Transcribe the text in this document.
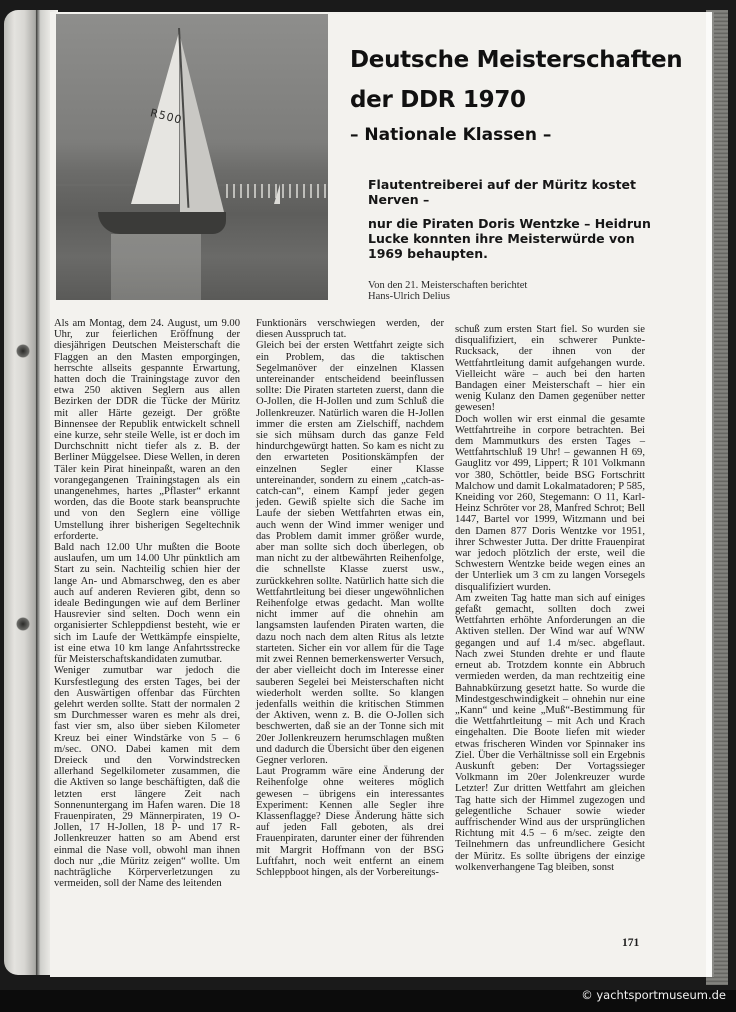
R500
Deutsche Meisterschaften
der DDR 1970
– Nationale Klassen –

Flautentreiberei auf der Müritz kostet Nerven –

nur die Piraten Doris Wentzke – Heidrun Lucke konnten ihre Meisterwürde von 1969 behaupten.

Von den 21. Meisterschaften berichtet
Hans-Ulrich Delius

Als am Montag, dem 24. August, um 9.00 Uhr, zur feierlichen Eröffnung der diesjährigen Deutschen Meisterschaft die Flaggen an den Masten emporgingen, herrschte allseits gespannte Erwartung, hatten doch die Trainingstage zuvor den etwa 250 aktiven Seglern aus allen Bezirken der DDR die Tücke der Müritz mit aller Härte gezeigt. Der größte Binnensee der Republik entwickelt schnell eine kurze, sehr steile Welle, ist er doch im Durchschnitt nicht tiefer als z. B. der Berliner Müggelsee. Diese Wellen, in deren Täler kein Pirat hineinpaßt, waren an den vorangegangenen Trainingstagen als ein unangenehmes, hartes „Pflaster“ erkannt worden, das die Boote stark beanspruchte und von den Seglern eine völlige Umstellung ihrer bisherigen Segeltechnik erforderte.

Bald nach 12.00 Uhr mußten die Boote auslaufen, um um 14.00 Uhr pünktlich am Start zu sein. Nachteilig schien hier der lange An- und Abmarschweg, den es aber auch auf anderen Revieren gibt, denn so ideale Bedingungen wie auf dem Berliner Hausrevier sind selten. Doch wenn ein organisierter Schleppdienst besteht, wie er sich im Laufe der Wettkämpfe einspielte, ist eine etwa 10 km lange Anfahrtsstrecke für Meisterschaftskandidaten zumutbar.

Weniger zumutbar war jedoch die Kursfestlegung des ersten Tages, bei der den Auswärtigen offenbar das Fürchten gelehrt werden sollte. Statt der normalen 2 sm Durchmesser waren es mehr als drei, fast vier sm, also über sieben Kilometer Kreuz bei einer Windstärke von 5 – 6 m/sec. ONO. Dabei kamen mit dem Dreieck und den Vorwindstrecken allerhand Segelkilometer zusammen, die die Aktiven so lange beschäftigten, daß die letzten erst längere Zeit nach Sonnenuntergang im Hafen waren. Die 18 Frauenpiraten, 29 Männerpiraten, 19 O-Jollen, 17 H-Jollen, 18 P- und 17 R-Jollenkreuzer hatten so am Abend erst einmal die Nase voll, obwohl man ihnen doch nur „die Müritz zeigen“ wollte. Um nachträgliche Körperverletzungen zu vermeiden, soll der Name des leitenden

Funktionärs verschwiegen werden, der diesen Ausspruch tat.

Gleich bei der ersten Wettfahrt zeigte sich ein Problem, das die taktischen Segelmanöver der einzelnen Klassen untereinander entscheidend beeinflussen sollte: Die Piraten starteten zuerst, dann die O-Jollen, die H-Jollen und zum Schluß die Jollenkreuzer. Natürlich waren die H-Jollen immer die ersten am Zielschiff, nachdem sie sich mühsam durch das ganze Feld hindurchgewürgt hatten. So kam es nicht zu den erwarteten Positionskämpfen der einzelnen Segler einer Klasse untereinander, sondern zu einem „catch-as-catch-can“, einem Kampf jeder gegen jeden. Gewiß spielte sich die Sache im Laufe der sieben Wettfahrten etwas ein, auch wenn der Wind immer weniger und das Problem damit immer größer wurde, aber man sollte sich doch überlegen, ob man nicht zu der altbewährten Reihenfolge, die schnellste Klasse zuerst usw., zurückkehren sollte. Natürlich hatte sich die Wettfahrtleitung bei dieser ungewöhnlichen Reihenfolge etwas gedacht. Man wollte nicht immer auf die ohnehin am langsamsten laufenden Piraten warten, die dazu noch nach dem alten Ritus als letzte starteten. Sicher ein vor allem für die Tage mit zwei Rennen bemerkenswerter Versuch, der aber vielleicht doch im Interesse einer sauberen Segelei bei Meisterschaften nicht wiederholt werden sollte. So klangen jedenfalls weithin die kritischen Stimmen der Aktiven, wenn z. B. die O-Jollen sich beschwerten, daß sie an der Tonne sich mit 20er Jollenkreuzern herumschlagen mußten und dadurch die Übersicht über den eigenen Gegner verloren.

Laut Programm wäre eine Änderung der Reihenfolge ohne weiteres möglich gewesen – übrigens ein interessantes Experiment: Kennen alle Segler ihre Klassenflagge? Diese Änderung hätte sich auf jeden Fall geboten, als drei Frauenpiraten, darunter einer der führenden mit Margrit Hoffmann von der BSG Luftfahrt, noch weit entfernt an einem Schleppboot hingen, als der Vorbereitungs-

schuß zum ersten Start fiel. So wurden sie disqualifiziert, ein schwerer Punkte-Rucksack, der ihnen von der Wettfahrtleitung damit aufgehangen wurde. Vielleicht wäre – auch bei den harten Bandagen einer Meisterschaft – hier ein wenig Kulanz den Damen gegenüber netter gewesen!

Doch wollen wir erst einmal die gesamte Wettfahrtreihe in corpore betrachten. Bei dem Mammutkurs des ersten Tages – Wettfahrtschluß 19 Uhr! – gewannen H 69, Gauglitz vor 499, Lippert; R 101 Volkmann vor 380, Schöttler, beide BSG Fortschritt Malchow und damit Lokalmatadoren; P 585, Kneiding vor 260, Stegemann: O 11, Karl-Heinz Schröter vor 28, Manfred Schrot; Bell 1447, Bartel vor 1999, Witzmann und bei den Damen 877 Doris Wentzke vor 1951, ihrer Schwester Jutta. Der dritte Frauenpirat war jedoch plötzlich der erste, weil die Schwestern Wentzke beide wegen eines an der Unterliek um 3 cm zu langen Vorsegels disqualifiziert wurden.

Am zweiten Tag hatte man sich auf einiges gefaßt gemacht, sollten doch zwei Wettfahrten erhöhte Anforderungen an die Aktiven stellen. Der Wind war auf WNW gegangen und auf 1.4 m/sec. abgeflaut. Nach zwei Stunden drehte er und flaute erneut ab. Trotzdem konnte ein Abbruch vermieden werden, da man rechtzeitig eine Bahnabkürzung gesetzt hatte. So wurde die Mindestgeschwindigkeit – ohnehin nur eine „Kann“ und keine „Muß“-Bestimmung für die Wettfahrtleitung – mit Ach und Krach eingehalten. Die Boote liefen mit wieder etwas frischeren Winden vor Spinnaker ins Ziel. Über die Verhältnisse soll ein Ergebnis Auskunft geben: Der Vortagssieger Volkmann im 20er Jolenkreuzer wurde Letzter! Zur dritten Wettfahrt am gleichen Tag hatte sich der Himmel zugezogen und gelegentliche Schauer sowie wieder auffrischender Wind aus der ursprünglichen Richtung mit 4.5 – 6 m/sec. zeigte den Teilnehmern das unfreundlichere Gesicht der Müritz. Es sollte übrigens der einzige wolkenverhangene Tag bleiben, sonst

171
© yachtsportmuseum.de
